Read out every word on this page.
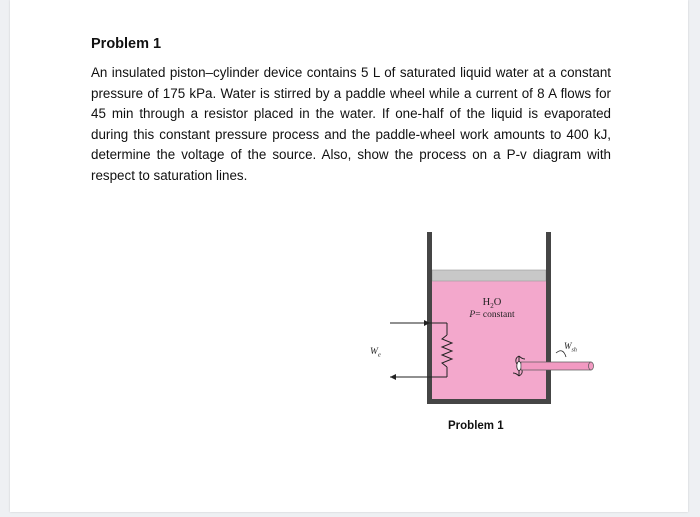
Problem 1
An insulated piston–cylinder device contains 5 L of saturated liquid water at a constant pressure of 175 kPa. Water is stirred by a paddle wheel while a current of 8 A flows for 45 min through a resistor placed in the water. If one-half of the liquid is evaporated during this constant pressure process and the paddle-wheel work amounts to 400 kJ, determine the voltage of the source. Also, show the process on a P-v diagram with respect to saturation lines.
$H_2O$
P= constant
$W_e$
$W_{sh}$
Problem 1
